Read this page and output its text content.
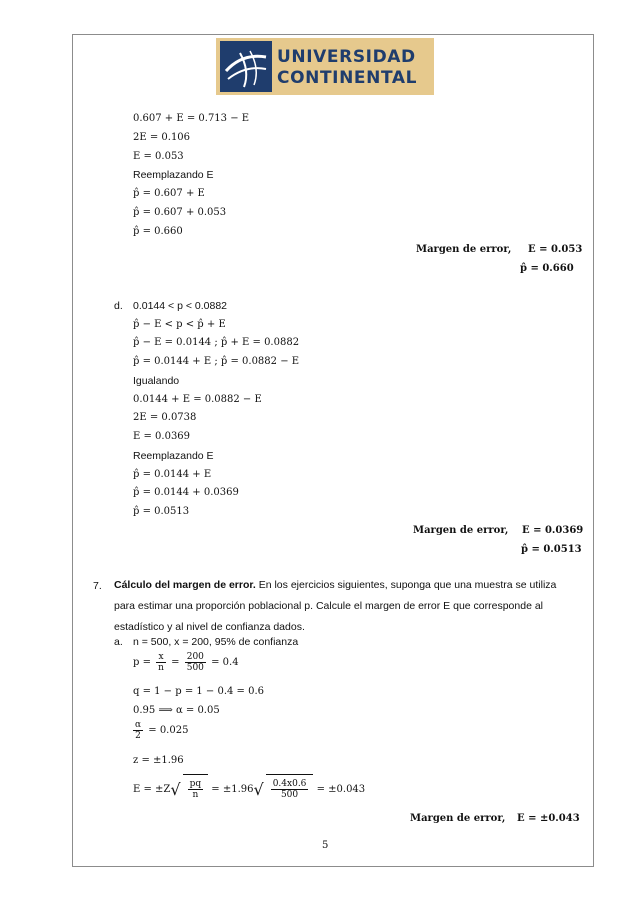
UNIVERSIDAD
CONTINENTAL
0.607 + E = 0.713 − E
2E = 0.106
E = 0.053
Reemplazando E
p̂ = 0.607 + E
p̂ = 0.607 + 0.053
p̂ = 0.660
Margen de error, E = 0.053
p̂ = 0.660
d. 0.0144 < p < 0.0882
p̂ − E < p < p̂ + E
p̂ − E = 0.0144 ; p̂ + E = 0.0882
p̂ = 0.0144 + E ; p̂ = 0.0882 − E
Igualando
0.0144 + E = 0.0882 − E
2E = 0.0738
E = 0.0369
Reemplazando E
p̂ = 0.0144 + E
p̂ = 0.0144 + 0.0369
p̂ = 0.0513
Margen de error, E = 0.0369
p̂ = 0.0513
7. Cálculo del margen de error. En los ejercicios siguientes, suponga que una muestra se utiliza
para estimar una proporción poblacional p. Calcule el margen de error E que corresponde al
estadístico y al nivel de confianza dados.
a. n = 500, x = 200, 95% de confianza
$p = \frac{x}{n} = \frac{200}{500} = 0.4$
q = 1 − p = 1 − 0.4 = 0.6
0.95 ⟹ α = 0.05
$\frac{\alpha}{2} = 0.025$
z = ±1.96
$E = \pm Z√ \frac{pq}{n} = \pm 1.96√ \frac{0.4x0.6}{500} = \pm 0.043$
Margen de error, E = ±0.043
5
